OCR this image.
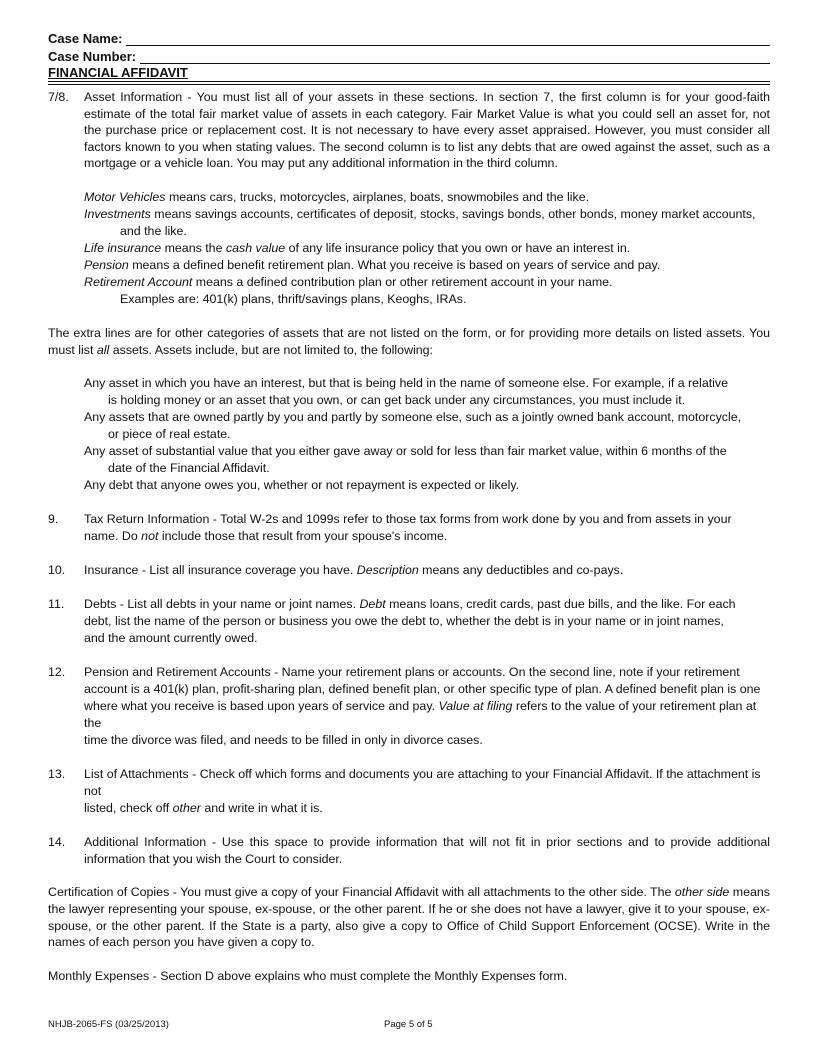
Case Name:
Case Number:
FINANCIAL AFFIDAVIT
7/8.	Asset Information - You must list all of your assets in these sections. In section 7, the first column is for your good-faith estimate of the total fair market value of assets in each category. Fair Market Value is what you could sell an asset for, not the purchase price or replacement cost. It is not necessary to have every asset appraised. However, you must consider all factors known to you when stating values. The second column is to list any debts that are owed against the asset, such as a mortgage or a vehicle loan. You may put any additional information in the third column.

Motor Vehicles means cars, trucks, motorcycles, airplanes, boats, snowmobiles and the like.

Investments means savings accounts, certificates of deposit, stocks, savings bonds, other bonds, money market accounts,

and the like.

Life insurance means the cash value of any life insurance policy that you own or have an interest in.

Pension means a defined benefit retirement plan. What you receive is based on years of service and pay.

Retirement Account means a defined contribution plan or other retirement account in your name.

Examples are: 401(k) plans, thrift/savings plans, Keoghs, IRAs.

The extra lines are for other categories of assets that are not listed on the form, or for providing more details on listed assets. You must list all assets. Assets include, but are not limited to, the following:

Any asset in which you have an interest, but that is being held in the name of someone else. For example, if a relative

is holding money or an asset that you own, or can get back under any circumstances, you must include it.

Any assets that are owned partly by you and partly by someone else, such as a jointly owned bank account, motorcycle,

or piece of real estate.

Any asset of substantial value that you either gave away or sold for less than fair market value, within 6 months of the

date of the Financial Affidavit.

Any debt that anyone owes you, whether or not repayment is expected or likely.

9.	Tax Return Information - Total W-2s and 1099s refer to those tax forms from work done by you and from assets in your

name. Do not include those that result from your spouse's income.

10.	Insurance - List all insurance coverage you have. Description means any deductibles and co-pays.

11.	Debts - List all debts in your name or joint names. Debt means loans, credit cards, past due bills, and the like. For each

debt, list the name of the person or business you owe the debt to, whether the debt is in your name or in joint names,

and the amount currently owed.

12.	Pension and Retirement Accounts - Name your retirement plans or accounts. On the second line, note if your retirement

account is a 401(k) plan, profit-sharing plan, defined benefit plan, or other specific type of plan. A defined benefit plan is one

where what you receive is based upon years of service and pay. Value at filing refers to the value of your retirement plan at the

time the divorce was filed, and needs to be filled in only in divorce cases.

13.	List of Attachments - Check off which forms and documents you are attaching to your Financial Affidavit. If the attachment is not

listed, check off other and write in what it is.

14.	Additional Information - Use this space to provide information that will not fit in prior sections and to provide additional information that you wish the Court to consider.

Certification of Copies - You must give a copy of your Financial Affidavit with all attachments to the other side. The other side means the lawyer representing your spouse, ex-spouse, or the other parent. If he or she does not have a lawyer, give it to your spouse, ex-spouse, or the other parent. If the State is a party, also give a copy to Office of Child Support Enforcement (OCSE). Write in the names of each person you have given a copy to.

Monthly Expenses - Section D above explains who must complete the Monthly Expenses form.

NHJB-2065-FS (03/25/2013)	Page 5 of 5
